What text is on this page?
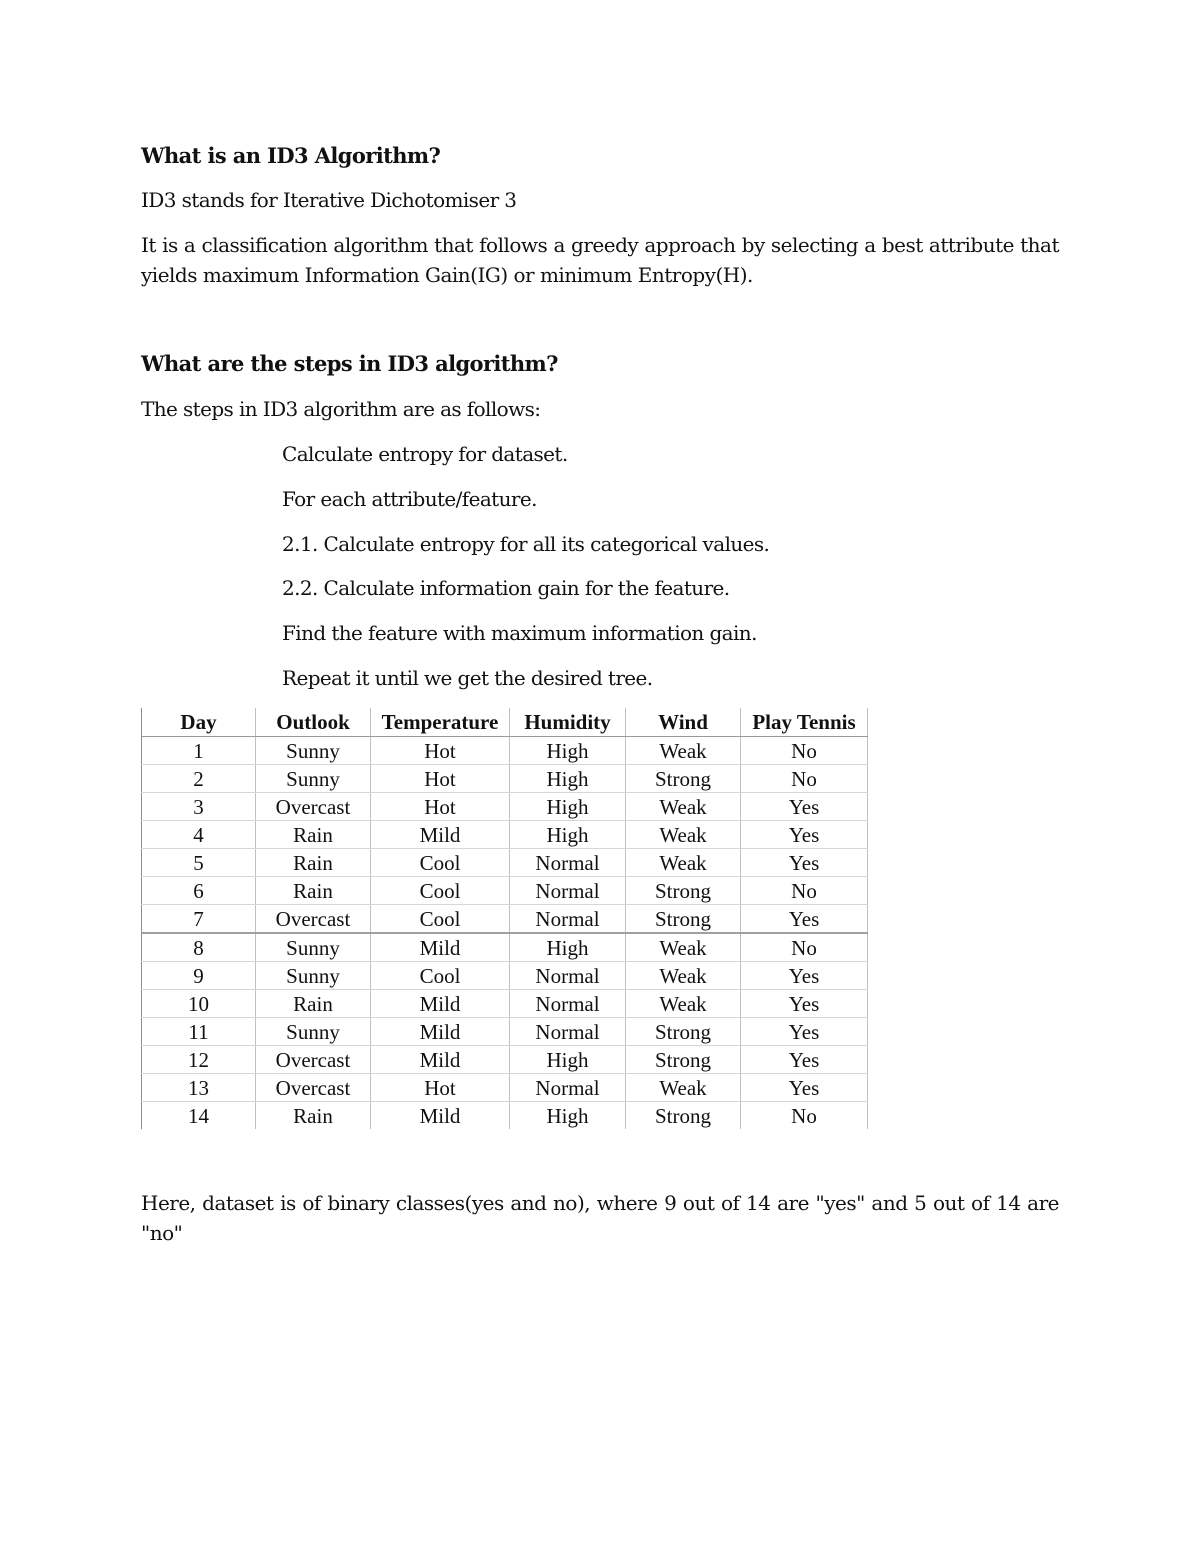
What is an ID3 Algorithm?
ID3 stands for Iterative Dichotomiser 3
It is a classification algorithm that follows a greedy approach by selecting a best attribute that yields maximum Information Gain(IG) or minimum Entropy(H).
What are the steps in ID3 algorithm?
The steps in ID3 algorithm are as follows:
Calculate entropy for dataset.
For each attribute/feature.
2.1. Calculate entropy for all its categorical values.
2.2. Calculate information gain for the feature.
Find the feature with maximum information gain.
Repeat it until we get the desired tree.
Day	Outlook	Temperature	Humidity	Wind	Play Tennis
1	Sunny	Hot	High	Weak	No
2	Sunny	Hot	High	Strong	No
3	Overcast	Hot	High	Weak	Yes
4	Rain	Mild	High	Weak	Yes
5	Rain	Cool	Normal	Weak	Yes
6	Rain	Cool	Normal	Strong	No
7	Overcast	Cool	Normal	Strong	Yes
8	Sunny	Mild	High	Weak	No
9	Sunny	Cool	Normal	Weak	Yes
10	Rain	Mild	Normal	Weak	Yes
11	Sunny	Mild	Normal	Strong	Yes
12	Overcast	Mild	High	Strong	Yes
13	Overcast	Hot	Normal	Weak	Yes
14	Rain	Mild	High	Strong	No
Here, dataset is of binary classes(yes and no), where 9 out of 14 are "yes" and 5 out of 14 are "no"
